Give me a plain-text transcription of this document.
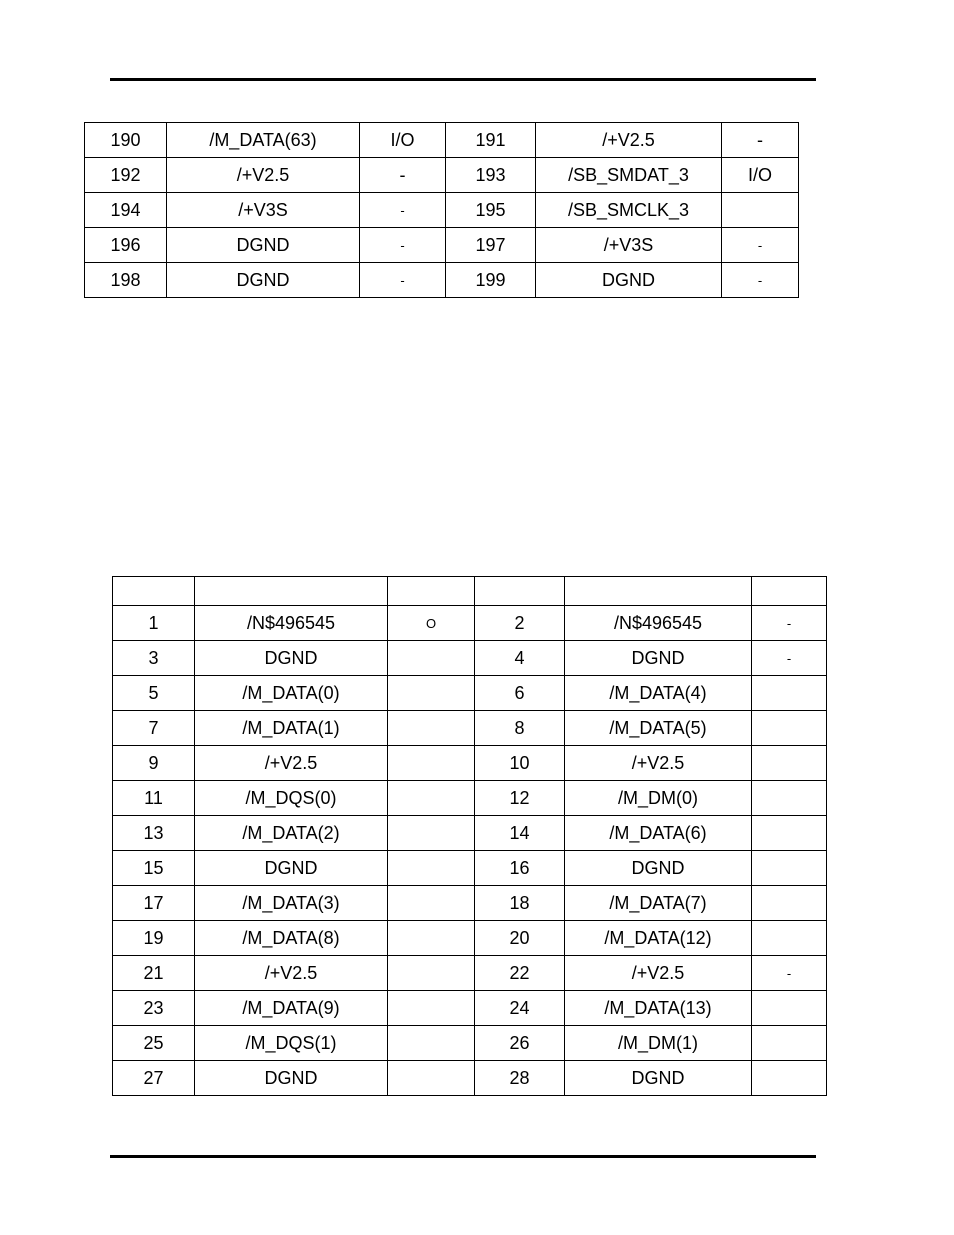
190	/M_DATA(63)	I/O	191	/+V2.5	-
192	/+V2.5	-	193	/SB_SMDAT_3	I/O
194	/+V3S	-	195	/SB_SMCLK_3	
196	DGND	-	197	/+V3S	-
198	DGND	-	199	DGND	-

1	/N$496545	O	2	/N$496545	-
3	DGND		4	DGND	-
5	/M_DATA(0)		6	/M_DATA(4)	
7	/M_DATA(1)		8	/M_DATA(5)	
9	/+V2.5		10	/+V2.5	
11	/M_DQS(0)		12	/M_DM(0)	
13	/M_DATA(2)		14	/M_DATA(6)	
15	DGND		16	DGND	
17	/M_DATA(3)		18	/M_DATA(7)	
19	/M_DATA(8)		20	/M_DATA(12)	
21	/+V2.5		22	/+V2.5	-
23	/M_DATA(9)		24	/M_DATA(13)	
25	/M_DQS(1)		26	/M_DM(1)	
27	DGND		28	DGND	
